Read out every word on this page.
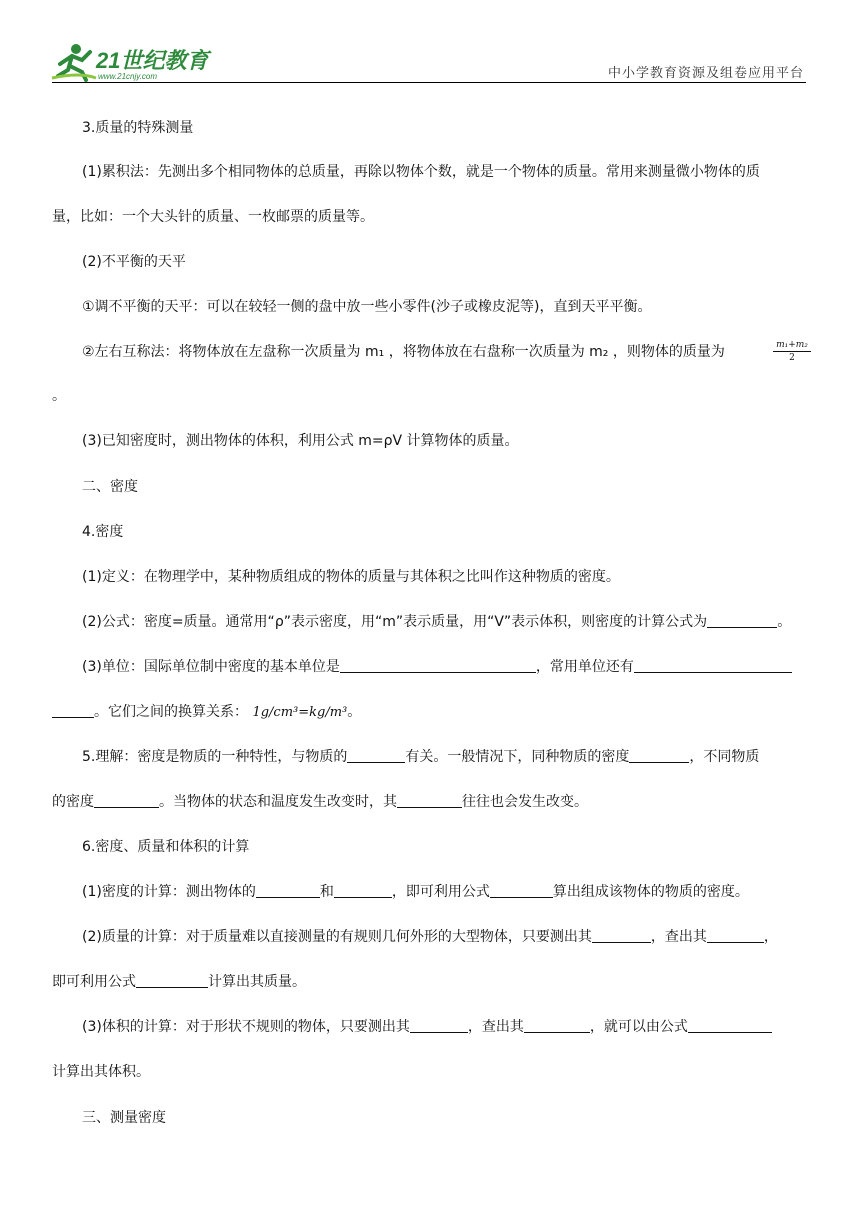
21世纪教育
www.21cnjy.com	中小学教育资源及组卷应用平台
3.质量的特殊测量
(1)累积法：先测出多个相同物体的总质量，再除以物体个数，就是一个物体的质量。常用来测量微小物体的质
量，比如：一个大头针的质量、一枚邮票的质量等。
(2)不平衡的天平
①调不平衡的天平：可以在较轻一侧的盘中放一些小零件(沙子或橡皮泥等)，直到天平平衡。
②左右互称法：将物体放在左盘称一次质量为 m₁ ，将物体放在右盘称一次质量为 m₂ ，则物体的质量为	$\frac{\text{m₁+m₂}}{2}$
。
(3)已知密度时，测出物体的体积，利用公式 m=ρV 计算物体的质量。
二、密度
4.密度
(1)定义：在物理学中，某种物质组成的物体的质量与其体积之比叫作这种物质的密度。
(2)公式：密度=质量。通常用“ρ”表示密度，用“m”表示质量，用“V”表示体积，则密度的计算公式为	。
(3)单位：国际单位制中密度的基本单位是	，常用单位还有
。它们之间的换算关系： 1g/cm³=kg/m³。
5.理解：密度是物质的一种特性，与物质的	有关。一般情况下，同种物质的密度	，不同物质
的密度	。当物体的状态和温度发生改变时，其	往往也会发生改变。
6.密度、质量和体积的计算
(1)密度的计算：测出物体的	和	，即可利用公式	算出组成该物体的物质的密度。
(2)质量的计算：对于质量难以直接测量的有规则几何外形的大型物体，只要测出其	，查出其	，
即可利用公式	计算出其质量。
(3)体积的计算：对于形状不规则的物体，只要测出其	，查出其	，就可以由公式
计算出其体积。
三、测量密度
